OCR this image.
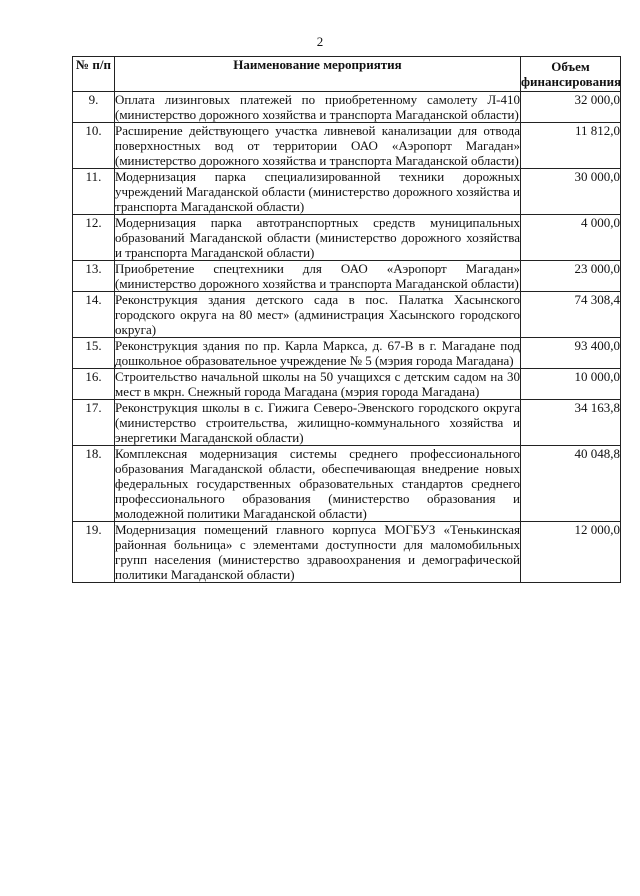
2
№ п/п	Наименование мероприятия	Объем финансирования
9.	Оплата лизинговых платежей по приобретенному самолету Л-410 (министерство дорожного хозяйства и транспорта Магаданской области)	32 000,0
10.	Расширение действующего участка ливневой канализации для отвода поверхностных вод от территории ОАО «Аэропорт Магадан» (министерство дорожного хозяйства и транспорта Магаданской области)	11 812,0
11.	Модернизация парка специализированной техники дорожных учреждений Магаданской области (министерство дорожного хозяйства и транспорта Магаданской области)	30 000,0
12.	Модернизация парка автотранспортных средств муниципальных образований Магаданской области (министерство дорожного хозяйства и транспорта Магаданской области)	4 000,0
13.	Приобретение спецтехники для ОАО «Аэропорт Магадан» (министерство дорожного хозяйства и транспорта Магаданской области)	23 000,0
14.	Реконструкция здания детского сада в пос. Палатка Хасынского городского округа на 80 мест» (администрация Хасынского городского округа)	74 308,4
15.	Реконструкция здания по пр. Карла Маркса, д. 67-В в г. Магадане под дошкольное образовательное учреждение № 5 (мэрия города Магадана)	93 400,0
16.	Строительство начальной школы на 50 учащихся с детским садом на 30 мест в мкрн. Снежный города Магадана (мэрия города Магадана)	10 000,0
17.	Реконструкция школы в с. Гижига Северо-Эвенского городского округа (министерство строительства, жилищно-коммунального хозяйства и энергетики Магаданской области)	34 163,8
18.	Комплексная модернизация системы среднего профессионального образования Магаданской области, обеспечивающая внедрение новых федеральных государственных образовательных стандартов среднего профессионального образования (министерство образования и молодежной политики Магаданской области)	40 048,8
19.	Модернизация помещений главного корпуса МОГБУЗ «Тенькинская районная больница» с элементами доступности для маломобильных групп населения (министерство здравоохранения и демографической политики Магаданской области)	12 000,0
